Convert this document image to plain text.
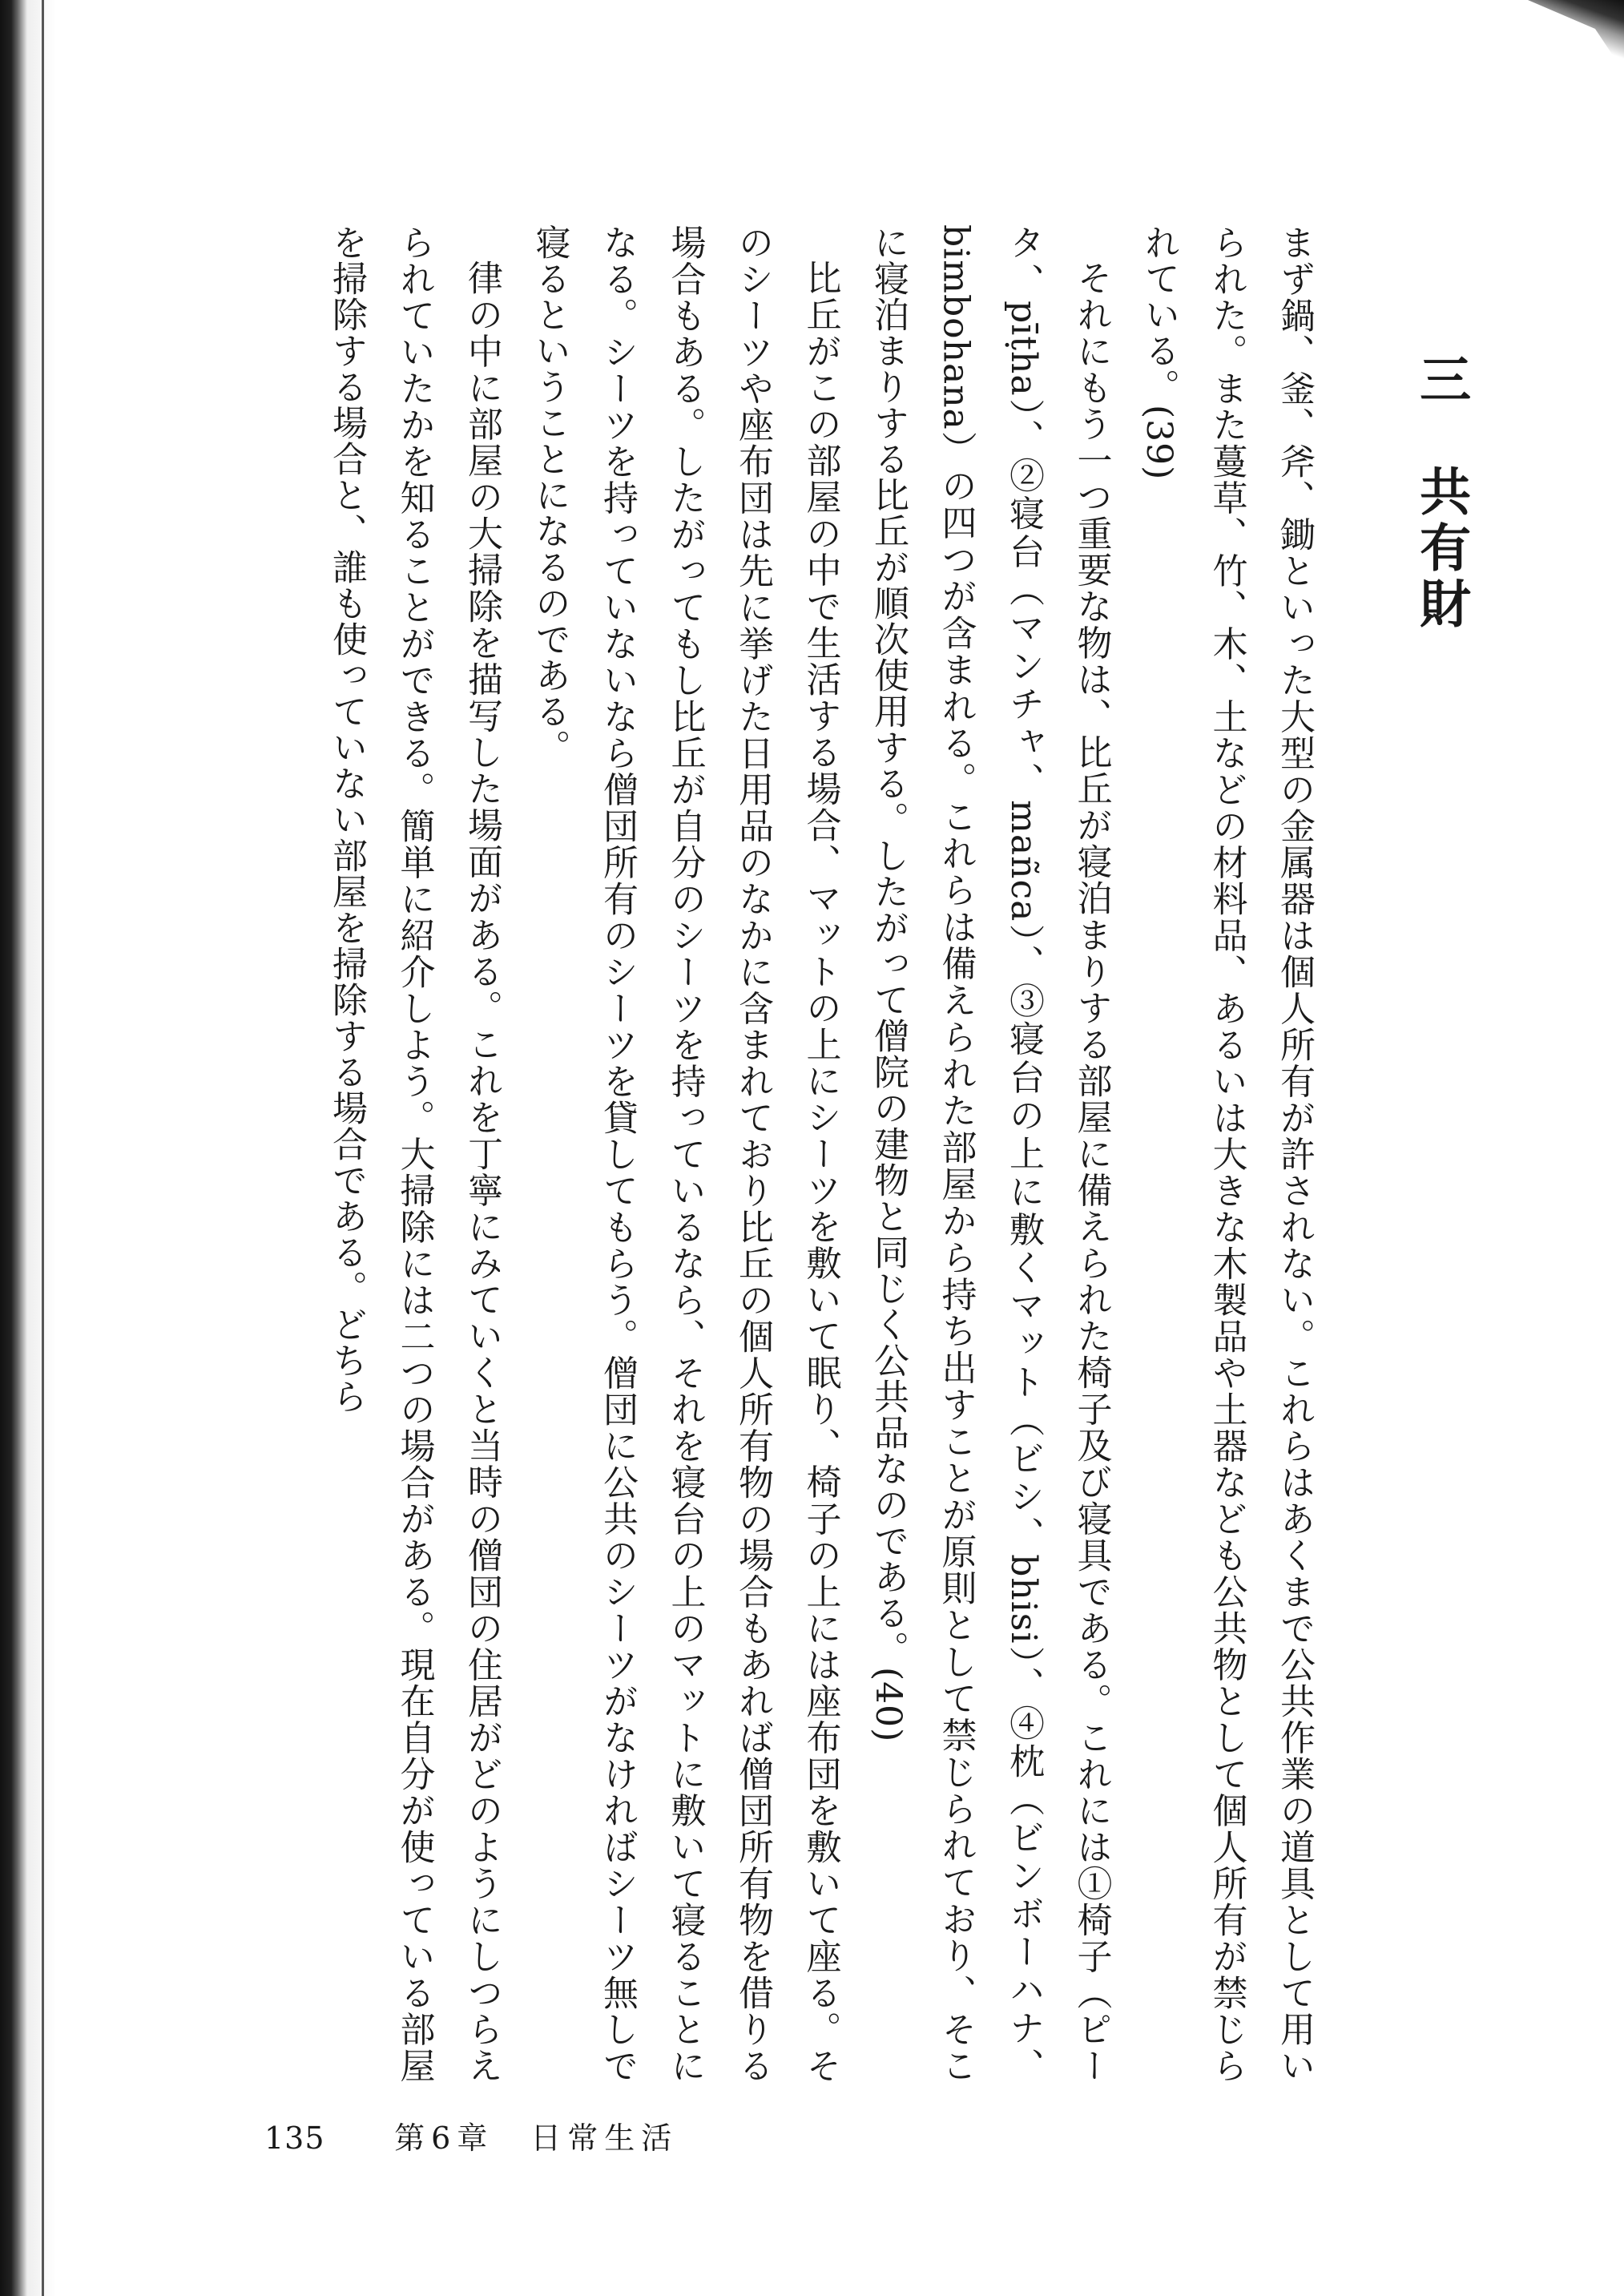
三　共有財

まず鍋、釜、斧、鋤といった大型の金属器は個人所有が許されない。これらはあくまで公共作業の道具として用いられた。また蔓草、竹、木、土などの材料品、あるいは大きな木製品や土器なども公共物として個人所有が禁じられている。(39)

それにもう一つ重要な物は、比丘が寝泊まりする部屋に備えられた椅子及び寝具である。これには①椅子（ピータ、pīṭha）、②寝台（マンチャ、mañca）、③寝台の上に敷くマット（ビシ、bhisi）、④枕（ビンボーハナ、bimbohana）の四つが含まれる。これらは備えられた部屋から持ち出すことが原則として禁じられており、そこに寝泊まりする比丘が順次使用する。したがって僧院の建物と同じく公共品なのである。(40)

比丘がこの部屋の中で生活する場合、マットの上にシーツを敷いて眠り、椅子の上には座布団を敷いて座る。そのシーツや座布団は先に挙げた日用品のなかに含まれており比丘の個人所有物の場合もあれば僧団所有物を借りる場合もある。したがってもし比丘が自分のシーツを持っているなら、それを寝台の上のマットに敷いて寝ることになる。シーツを持っていないなら僧団所有のシーツを貸してもらう。僧団に公共のシーツがなければシーツ無しで寝るということになるのである。

律の中に部屋の大掃除を描写した場面がある。これを丁寧にみていくと当時の僧団の住居がどのようにしつらえられていたかを知ることができる。簡単に紹介しよう。大掃除には二つの場合がある。現在自分が使っている部屋を掃除する場合と、誰も使っていない部屋を掃除する場合である。どちら

135 第6章　日常生活
